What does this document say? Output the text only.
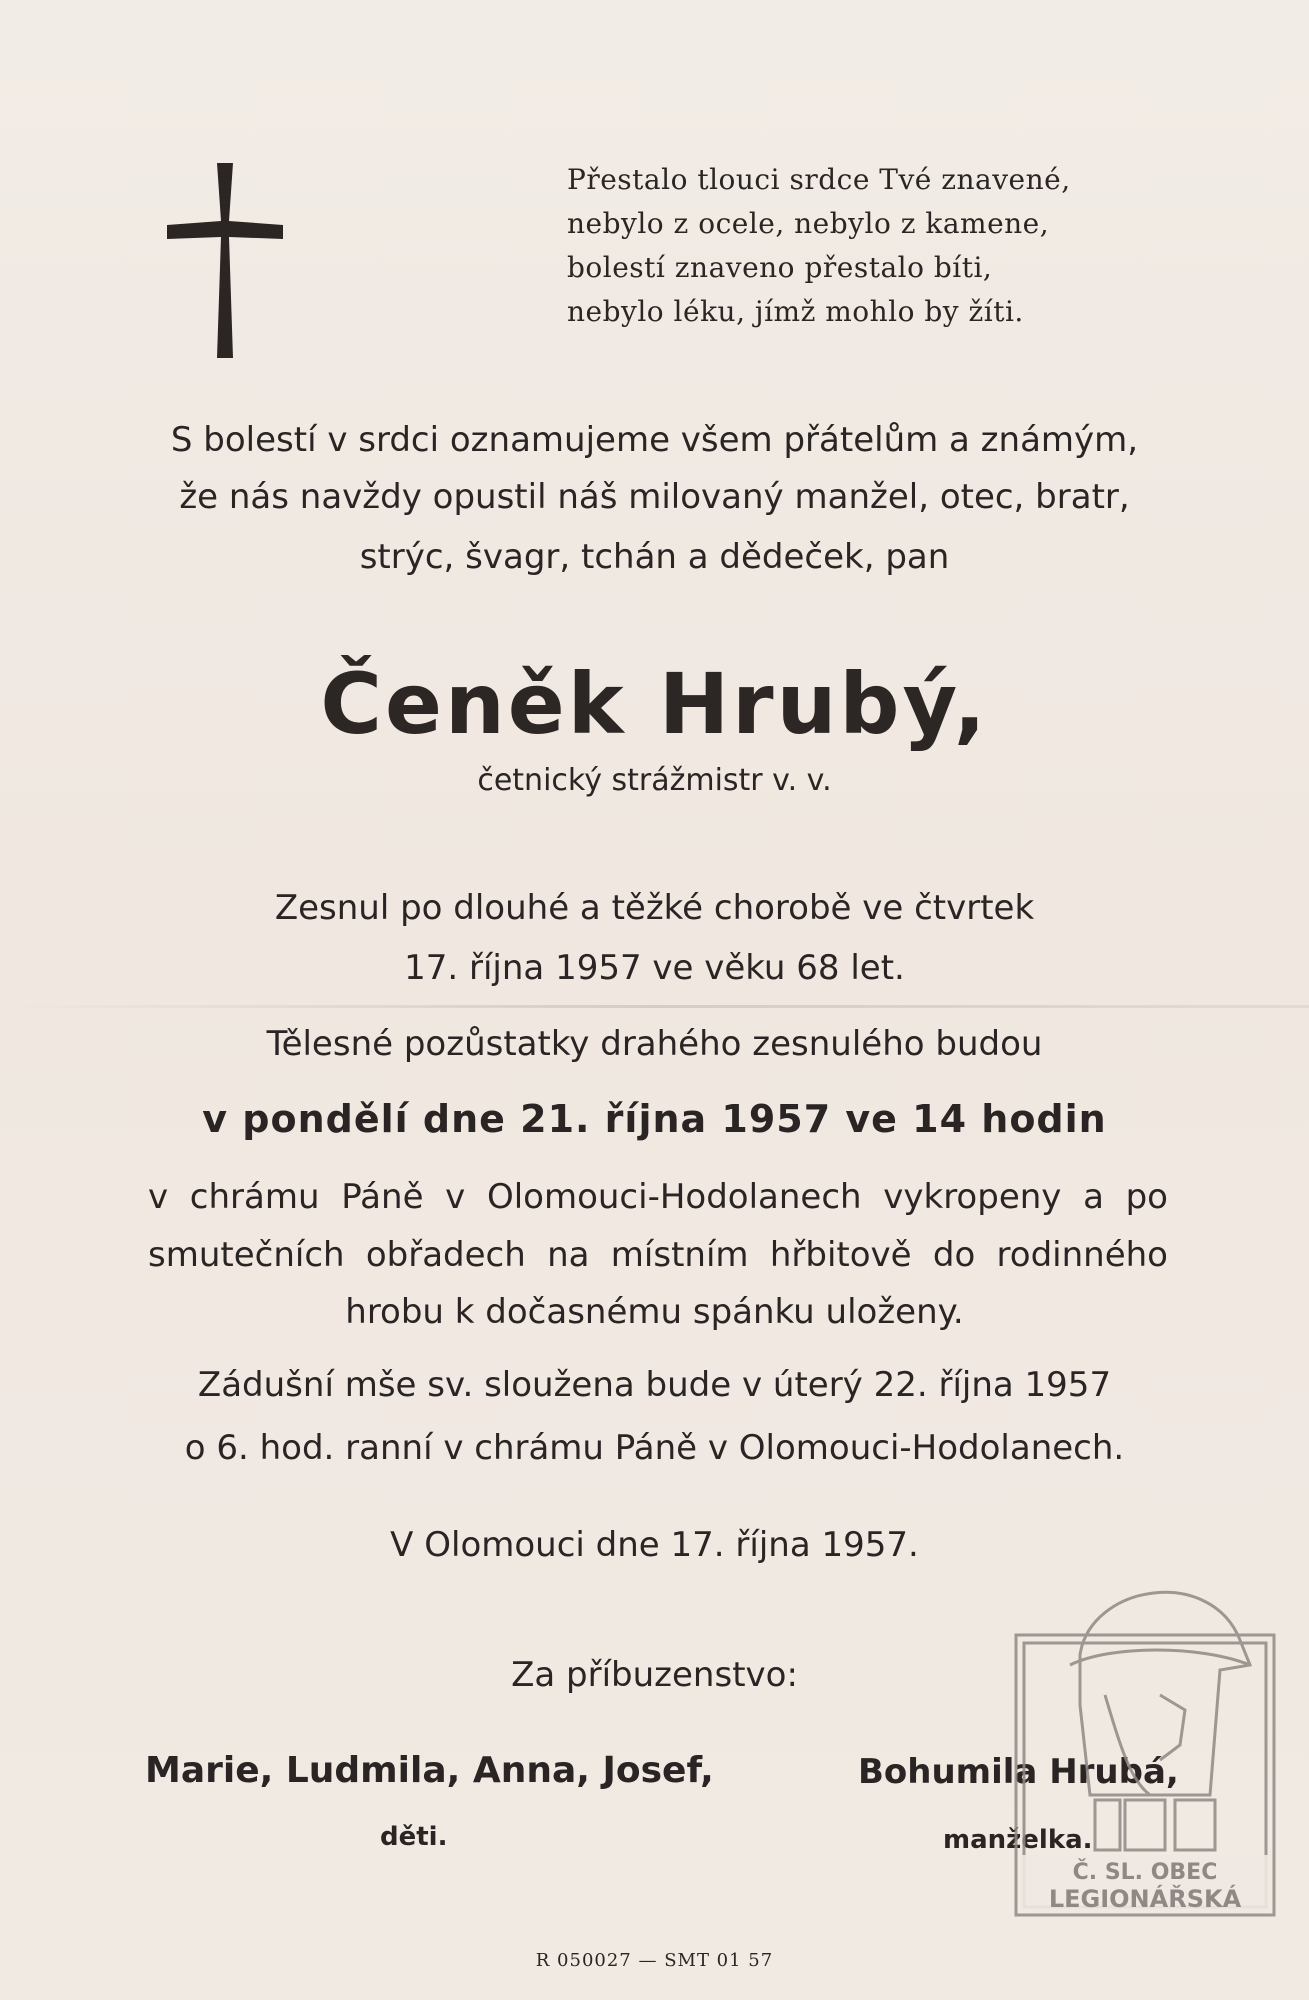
Přestalo tlouci srdce Tvé znavené,
nebylo z ocele, nebylo z kamene,
bolestí znaveno přestalo bíti,
nebylo léku, jímž mohlo by žíti.
S bolestí v srdci oznamujeme všem přátelům a známým,
že nás navždy opustil náš milovaný manžel, otec, bratr,
strýc, švagr, tchán a dědeček, pan
Čeněk Hrubý,
četnický strážmistr v. v.
Zesnul po dlouhé a těžké chorobě ve čtvrtek
17. října 1957 ve věku 68 let.
Tělesné pozůstatky drahého zesnulého budou
v pondělí dne 21. října 1957 ve 14 hodin
v chrámu Páně v Olomouci-Hodolanech vykropeny a po
smutečních obřadech na místním hřbitově do rodinného
hrobu k dočasnému spánku uloženy.
Zádušní mše sv. sloužena bude v úterý 22. října 1957
o 6. hod. ranní v chrámu Páně v Olomouci-Hodolanech.
V Olomouci dne 17. října 1957.
Za příbuzenstvo:
Marie, Ludmila, Anna, Josef,
děti.
Bohumila Hrubá,
manželka.
Č. SL. OBEC
LEGIONÁŘSKÁ
R 050027 — SMT 01 57
